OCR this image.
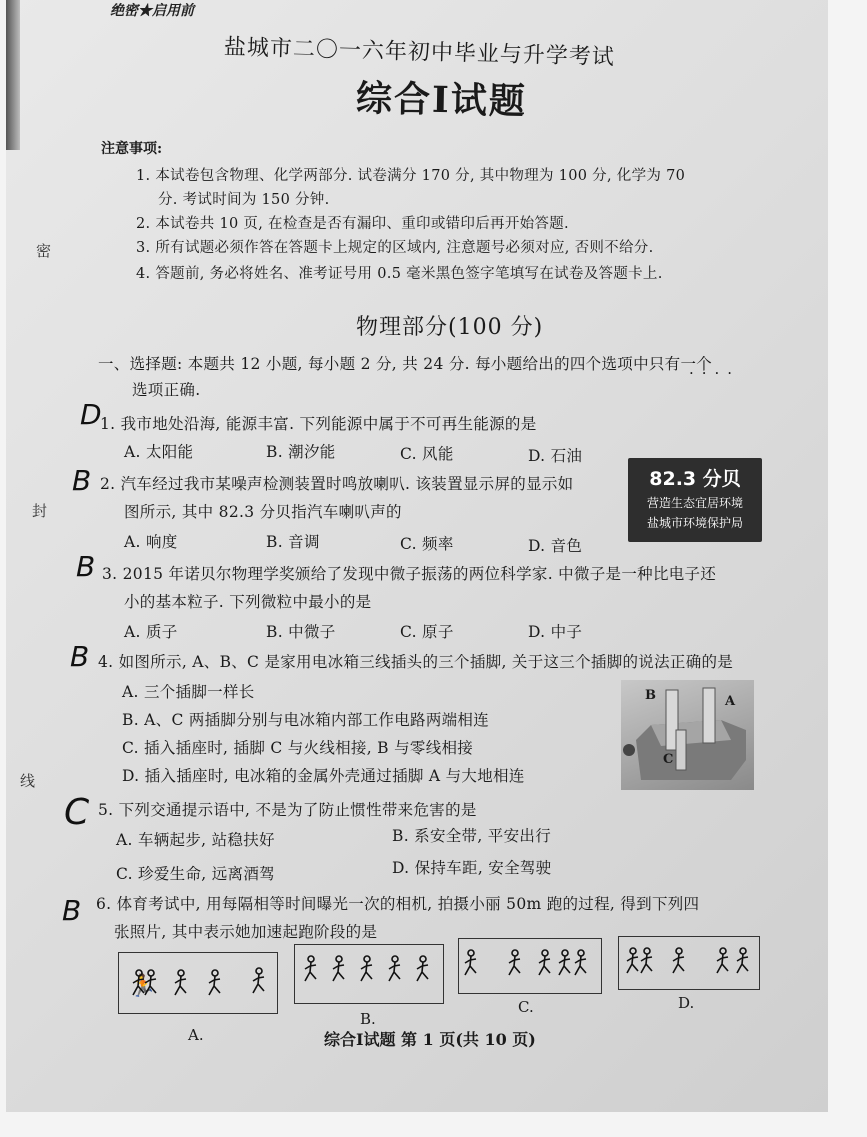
绝密★启用前
盐城市二〇一六年初中毕业与升学考试
综合Ⅰ试题
注意事项:
1. 本试卷包含物理、化学两部分. 试卷满分 170 分, 其中物理为 100 分, 化学为 70
分. 考试时间为 150 分钟.
2. 本试卷共 10 页, 在检查是否有漏印、重印或错印后再开始答题.
3. 所有试题必须作答在答题卡上规定的区域内, 注意题号必须对应, 否则不给分.
4. 答题前, 务必将姓名、准考证号用 0.5 毫米黑色签字笔填写在试卷及答题卡上.
密
封
线
物理部分(100 分)
一、选择题: 本题共 12 小题, 每小题 2 分, 共 24 分. 每小题给出的四个选项中只有一个
选项正确.
····
D
1. 我市地处沿海, 能源丰富. 下列能源中属于不可再生能源的是
A. 太阳能	B. 潮汐能	C. 风能	D. 石油
B 2. 汽车经过我市某噪声检测装置时鸣放喇叭. 该装置显示屏的显示如
图所示, 其中 82.3 分贝指汽车喇叭声的
A. 响度	B. 音调	C. 频率	D. 音色
82.3 分贝
营造生态宜居环境
盐城市环境保护局
B 3. 2015 年诺贝尔物理学奖颁给了发现中微子振荡的两位科学家. 中微子是一种比电子还
小的基本粒子. 下列微粒中最小的是
A. 质子	B. 中微子	C. 原子	D. 中子
B 4. 如图所示, A、B、C 是家用电冰箱三线插头的三个插脚, 关于这三个插脚的说法正确的是
A. 三个插脚一样长
B. A、C 两插脚分别与电冰箱内部工作电路两端相连
C. 插入插座时, 插脚 C 与火线相接, B 与零线相接
D. 插入插座时, 电冰箱的金属外壳通过插脚 A 与大地相连
B	A
C
C 5. 下列交通提示语中, 不是为了防止惯性带来危害的是
A. 车辆起步, 站稳扶好	B. 系安全带, 平安出行
C. 珍爱生命, 远离酒驾	D. 保持车距, 安全驾驶
B 6. 体育考试中, 用每隔相等时间曝光一次的相机, 拍摄小丽 50m 跑的过程, 得到下列四
张照片, 其中表示她加速起跑阶段的是
🏃
A.
B.
C.	D.
综合Ⅰ试题 第 1 页(共 10 页)
